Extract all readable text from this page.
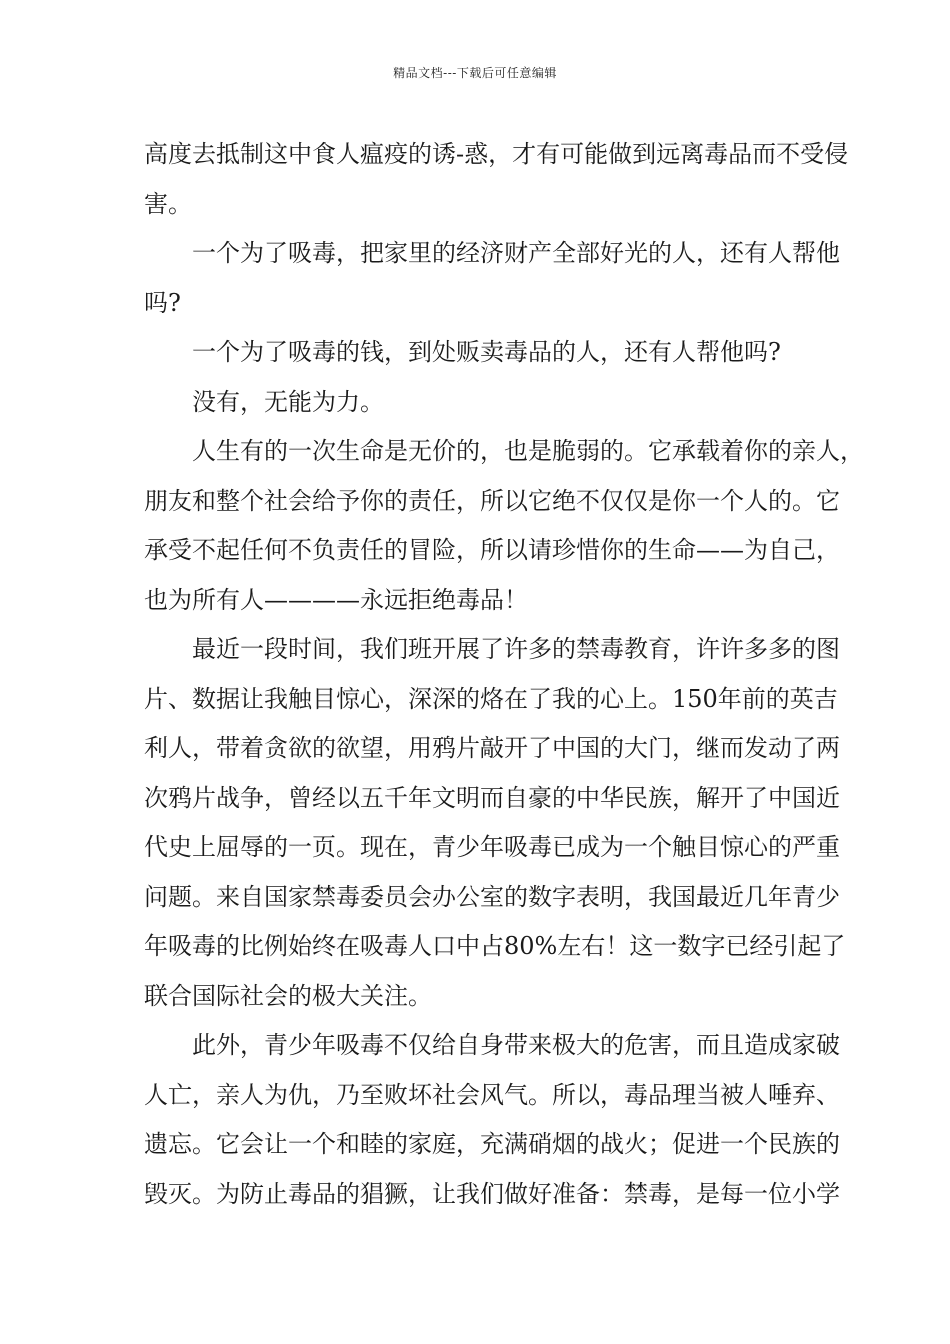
精品文档---下载后可任意编辑
高度去抵制这中食人瘟疫的诱-惑，才有可能做到远离毒品而不受侵
害。
一个为了吸毒，把家里的经济财产全部好光的人，还有人帮他
吗?
一个为了吸毒的钱，到处贩卖毒品的人，还有人帮他吗?
没有，无能为力。
人生有的一次生命是无价的，也是脆弱的。它承载着你的亲人，
朋友和整个社会给予你的责任，所以它绝不仅仅是你一个人的。它
承受不起任何不负责任的冒险，所以请珍惜你的生命——为自己，
也为所有人————永远拒绝毒品！
最近一段时间，我们班开展了许多的禁毒教育，许许多多的图
片、数据让我触目惊心，深深的烙在了我的心上。150年前的英吉
利人，带着贪欲的欲望，用鸦片敲开了中国的大门，继而发动了两
次鸦片战争，曾经以五千年文明而自豪的中华民族，解开了中国近
代史上屈辱的一页。现在，青少年吸毒已成为一个触目惊心的严重
问题。来自国家禁毒委员会办公室的数字表明，我国最近几年青少
年吸毒的比例始终在吸毒人口中占80%左右！这一数字已经引起了
联合国际社会的极大关注。
此外，青少年吸毒不仅给自身带来极大的危害，而且造成家破
人亡，亲人为仇，乃至败坏社会风气。所以，毒品理当被人唾弃、
遗忘。它会让一个和睦的家庭，充满硝烟的战火；促进一个民族的
毁灭。为防止毒品的猖獗，让我们做好准备：禁毒，是每一位小学
